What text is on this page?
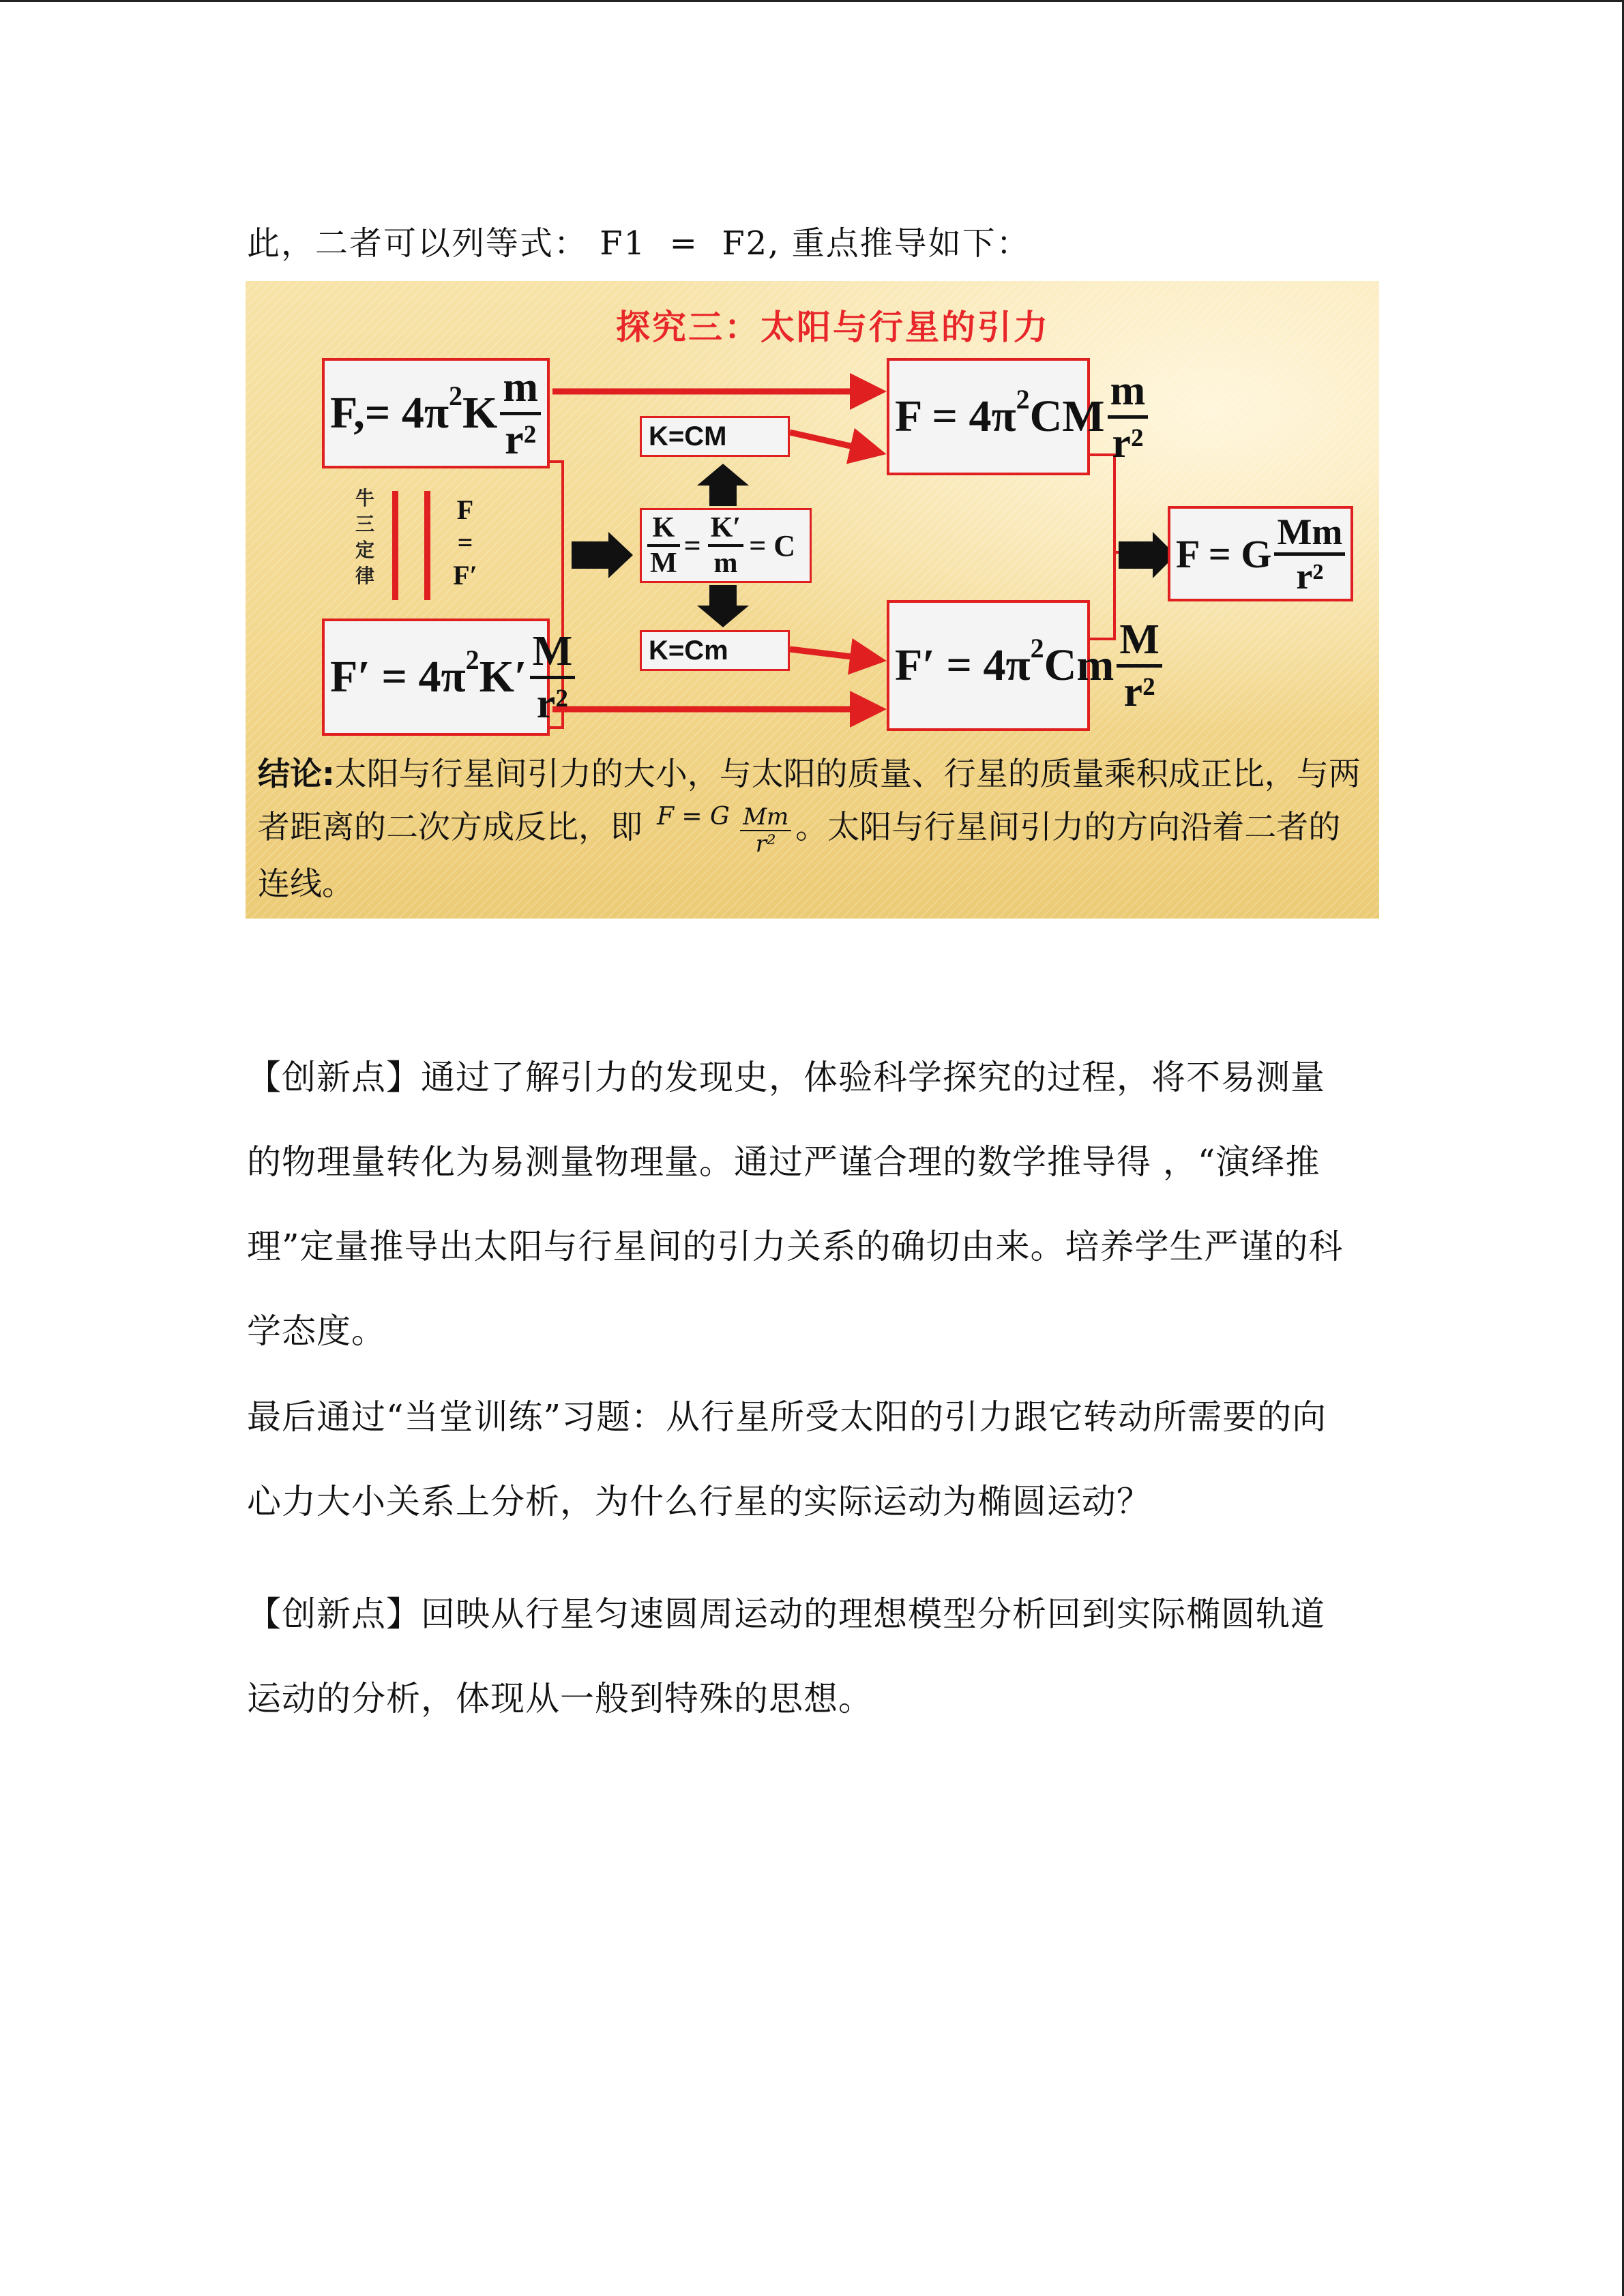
此，二者可以列等式： F1  =  F2, 重点推导如下：
探究三：太阳与行星的引力
F,= 4π 2 K
m
r²
F′ = 4π 2 K′
M
r²
牛
三
定
律
F
=
F′
K=CM
K=Cm
$\frac{K}{M} = \frac{K'}{m} = C$
F = 4π 2 CM
m
r²
F′ = 4π 2 Cm
M
r²
F = G Mm
r²
结论:太阳与行星间引力的大小，与太阳的质量、行星的质量乘积成正比，与两者距离的二次方成反比，即 F = G $\frac{Mm}{\text{r²}}$ 。太阳与行星间引力的方向沿着二者的连线。

【创新点】通过了解引力的发现史，体验科学探究的过程，将不易测量的物理量转化为易测量物理量。通过严谨合理的数学推导得 ，“演绎推理”定量推导出太阳与行星间的引力关系的确切由来。培养学生严谨的科学态度。

最后通过“当堂训练”习题：从行星所受太阳的引力跟它转动所需要的向心力大小关系上分析，为什么行星的实际运动为椭圆运动？

【创新点】回映从行星匀速圆周运动的理想模型分析回到实际椭圆轨道运动的分析，体现从一般到特殊的思想。
